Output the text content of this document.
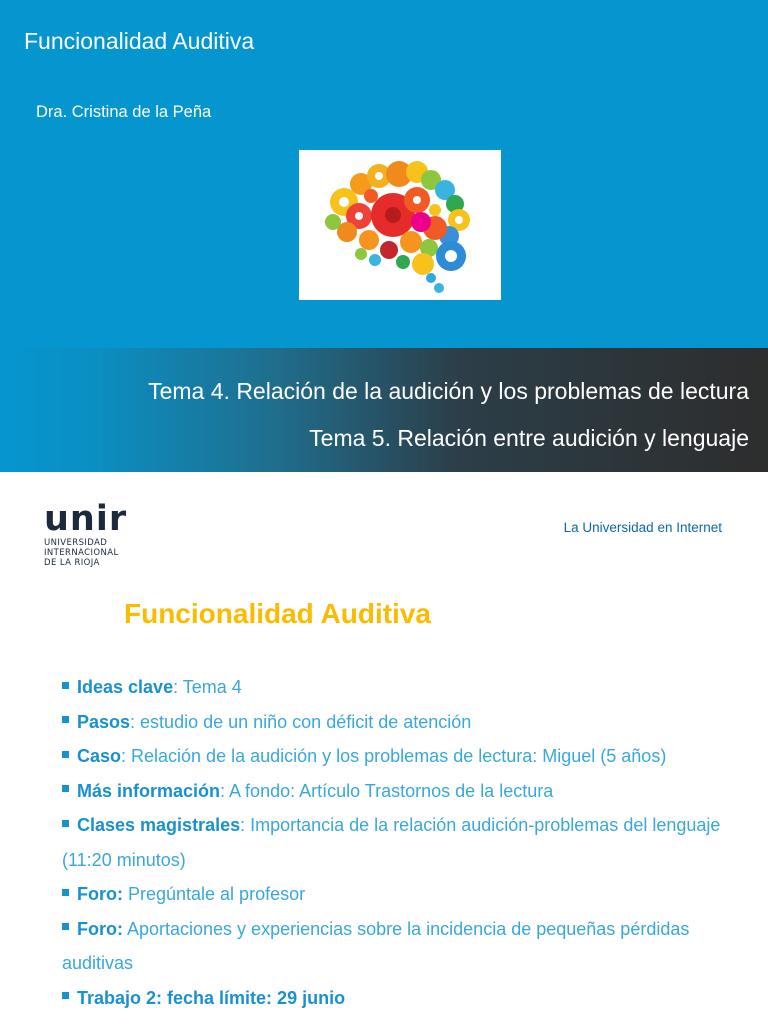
Funcionalidad Auditiva
Dra. Cristina de la Peña
Tema 4. Relación de la audición y los problemas de lectura
Tema 5. Relación entre audición y lenguaje
unir
UNIVERSIDAD
INTERNACIONAL
DE LA RIOJA
La Universidad en Internet
Funcionalidad Auditiva
Ideas clave: Tema 4
Pasos: estudio de un niño con déficit de atención
Caso: Relación de la audición y los problemas de lectura: Miguel (5 años)
Más información: A fondo: Artículo Trastornos de la lectura
Clases magistrales: Importancia de la relación audición-problemas del lenguaje (11:20 minutos)
Foro: Pregúntale al profesor
Foro: Aportaciones y experiencias sobre la incidencia de pequeñas pérdidas auditivas
Trabajo 2: fecha límite: 29 junio
